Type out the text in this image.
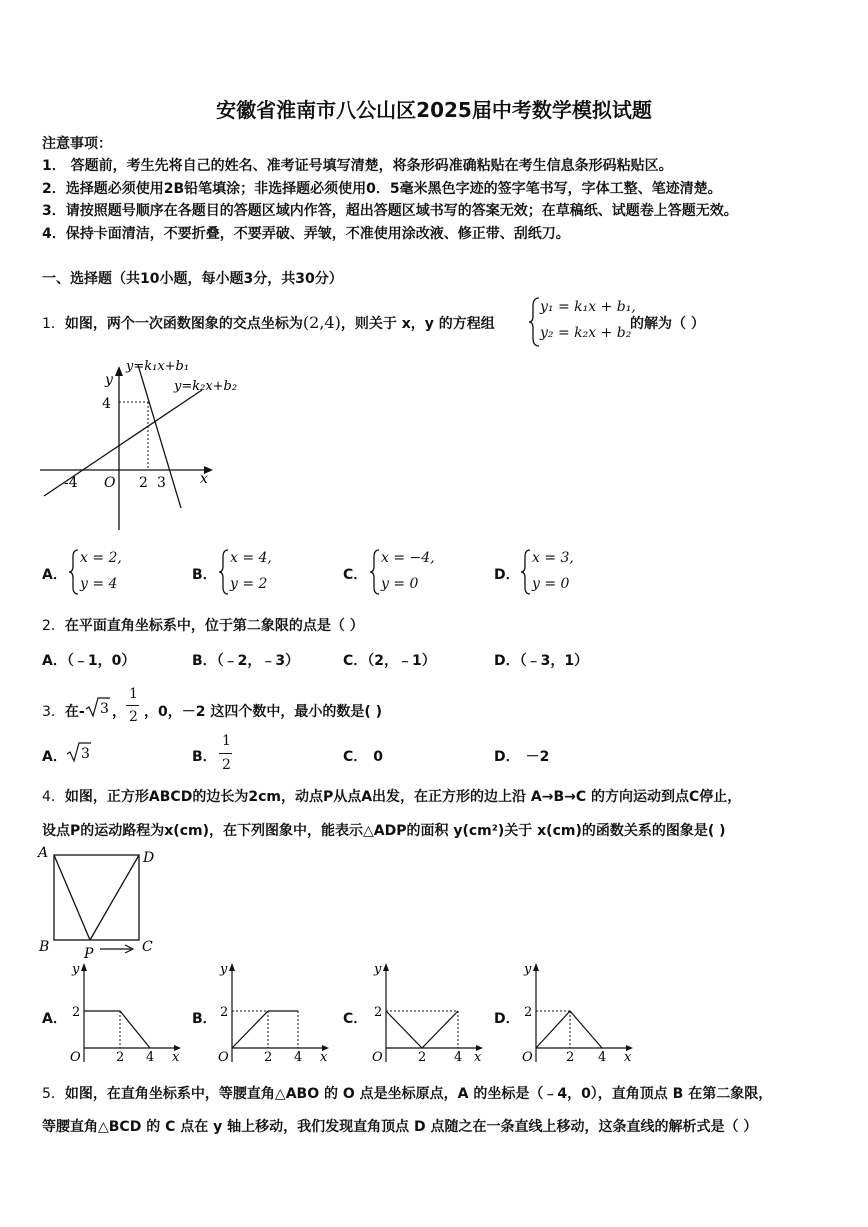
安徽省淮南市八公山区2025届中考数学模拟试题
注意事项：
1． 答题前，考生先将自己的姓名、准考证号填写清楚，将条形码准确粘贴在考生信息条形码粘贴区。
2．选择题必须使用2B铅笔填涂；非选择题必须使用0．5毫米黑色字迹的签字笔书写，字体工整、笔迹清楚。
3．请按照题号顺序在各题目的答题区域内作答，超出答题区域书写的答案无效；在草稿纸、试题卷上答题无效。
4．保持卡面清洁，不要折叠，不要弄破、弄皱，不准使用涂改液、修正带、刮纸刀。
一、选择题（共10小题，每小题3分，共30分）
1．如图，两个一次函数图象的交点坐标为(2,4)，则关于 x，y 的方程组
y₁ = k₁x + b₁,
y₂ = k₂x + b₂
的解为（ ）
y=k₁x+b₁
y=k₂x+b₂
y
x
4
-4 O 2 3
A．
x = 2,
y = 4
B．
x = 4,
y = 2
C．
x = −4,
y = 0
D．
x = 3,
y = 0
2．在平面直角坐标系中，位于第二象限的点是（ ）
A．（﹣1，0）	B．（﹣2，﹣3）	C．（2，﹣1）	D．（﹣3，1）
3．在- 3 ，
1
2 ，0，－2 这四个数中，最小的数是( )
A． 3	B．
1
2	C． 0	D． －2
4．如图，正方形ABCD的边长为2cm，动点P从点A出发，在正方形的边上沿 A→B→C 的方向运动到点C停止，
设点P的运动路程为x(cm)，在下列图象中，能表示△ADP的面积 y(cm²)关于 x(cm)的函数关系的图象是( )
A	D
B	C
P
A．
y
2
O	2 4 x
B．
y
2
O	2 4 x
C．
y
2
O	2 4 x
D．
y
2
O	2 4 x
5．如图，在直角坐标系中，等腰直角△ABO 的 O 点是坐标原点，A 的坐标是（﹣4，0），直角顶点 B 在第二象限，
等腰直角△BCD 的 C 点在 y 轴上移动，我们发现直角顶点 D 点随之在一条直线上移动，这条直线的解析式是（ ）
